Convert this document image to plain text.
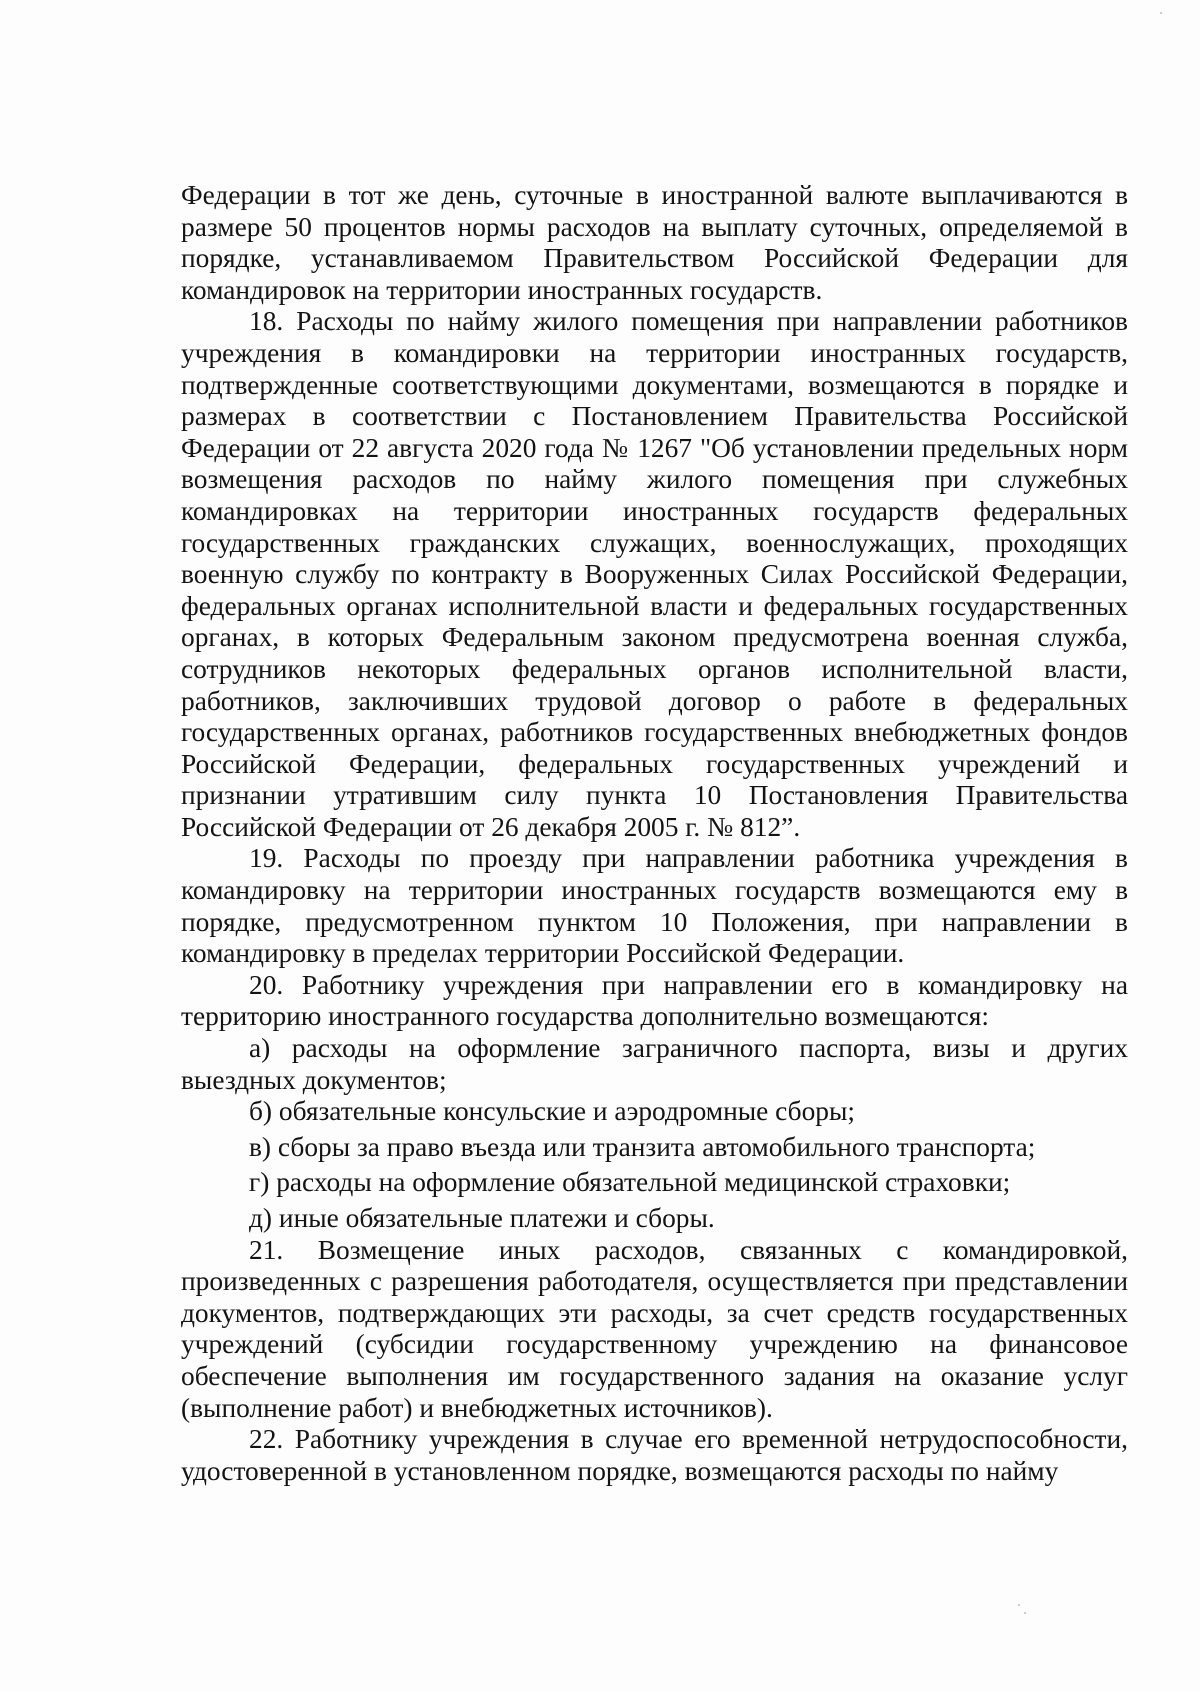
Федерации в тот же день, суточные в иностранной валюте выплачиваются в размере 50 процентов нормы расходов на выплату суточных, определяемой в порядке, устанавливаемом Правительством Российской Федерации для командировок на территории иностранных государств.

18. Расходы по найму жилого помещения при направлении работников учреждения в командировки на территории иностранных государств, подтвержденные соответствующими документами, возмещаются в порядке и размерах в соответствии с Постановлением Правительства Российской Федерации от 22 августа 2020 года № 1267 "Об установлении предельных норм возмещения расходов по найму жилого помещения при служебных командировках на территории иностранных государств федеральных государственных гражданских служащих, военнослужащих, проходящих военную службу по контракту в Вооруженных Силах Российской Федерации, федеральных органах исполнительной власти и федеральных государственных органах, в которых Федеральным законом предусмотрена военная служба, сотрудников некоторых федеральных органов исполнительной власти, работников, заключивших трудовой договор о работе в федеральных государственных органах, работников государственных внебюджетных фондов Российской Федерации, федеральных государственных учреждений и признании утратившим силу пункта 10 Постановления Правительства Российской Федерации от 26 декабря 2005 г. № 812”.

19. Расходы по проезду при направлении работника учреждения в командировку на территории иностранных государств возмещаются ему в порядке, предусмотренном пунктом 10 Положения, при направлении в командировку в пределах территории Российской Федерации.

20. Работнику учреждения при направлении его в командировку на территорию иностранного государства дополнительно возмещаются:

а) расходы на оформление заграничного паспорта, визы и других выездных документов;

б) обязательные консульские и аэродромные сборы;

в) сборы за право въезда или транзита автомобильного транспорта;

г) расходы на оформление обязательной медицинской страховки;

д) иные обязательные платежи и сборы.

21. Возмещение иных расходов, связанных с командировкой, произведенных с разрешения работодателя, осуществляется при представлении документов, подтверждающих эти расходы, за счет средств государственных учреждений (субсидии государственному учреждению на финансовое обеспечение выполнения им государственного задания на оказание услуг (выполнение работ) и внебюджетных источников).

22. Работнику учреждения в случае его временной нетрудоспособности, удостоверенной в установленном порядке, возмещаются расходы по найму
